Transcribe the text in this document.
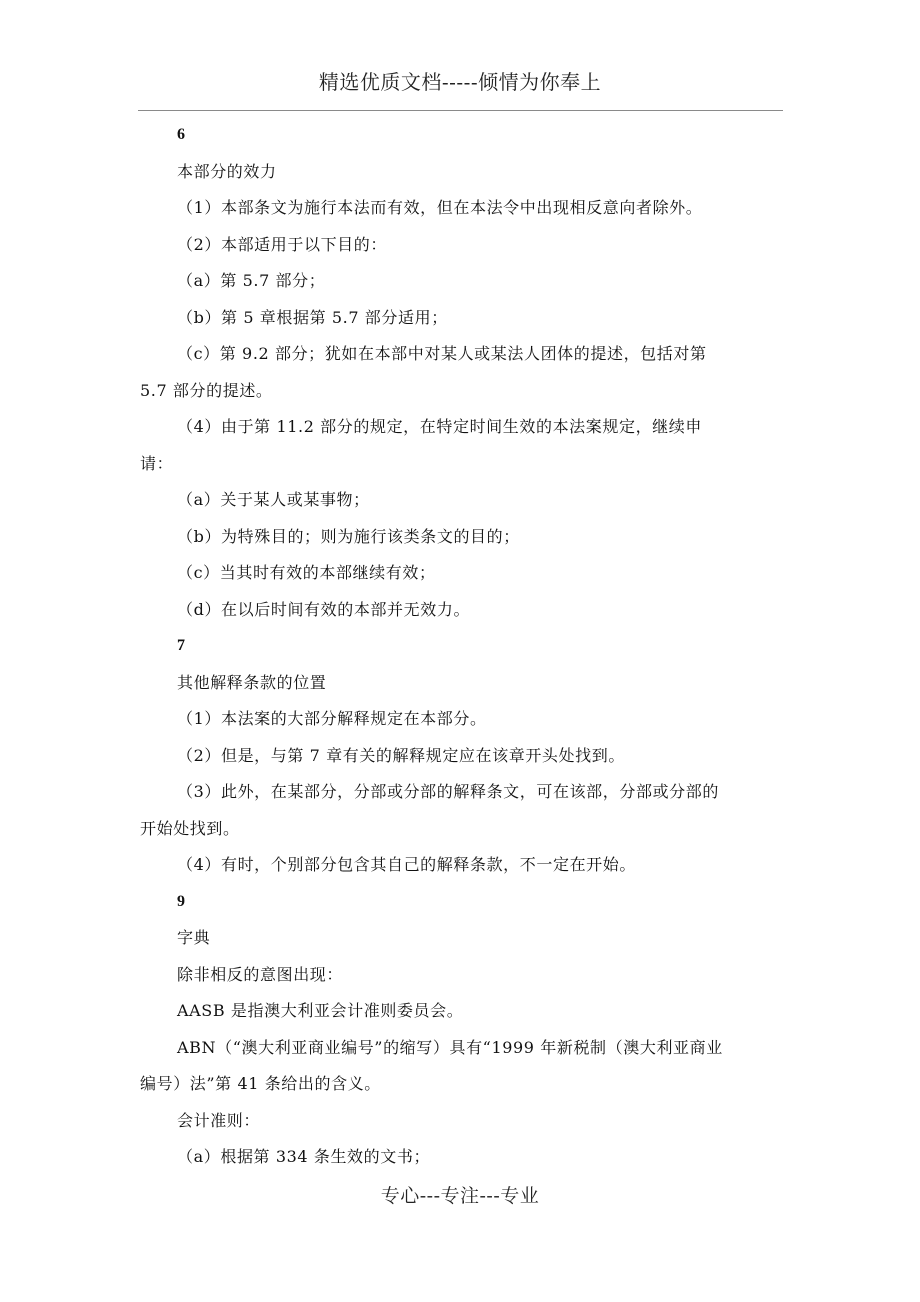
精选优质文档-----倾情为你奉上
6
本部分的效力
（1）本部条文为施行本法而有效，但在本法令中出现相反意向者除外。
（2）本部适用于以下目的：
（a）第 5.7 部分；
（b）第 5 章根据第 5.7 部分适用；
（c）第 9.2 部分；犹如在本部中对某人或某法人团体的提述，包括对第
5.7 部分的提述。
（4）由于第 11.2 部分的规定，在特定时间生效的本法案规定，继续申
请：
（a）关于某人或某事物；
（b）为特殊目的；则为施行该类条文的目的；
（c）当其时有效的本部继续有效；
（d）在以后时间有效的本部并无效力。
7
其他解释条款的位置
（1）本法案的大部分解释规定在本部分。
（2）但是，与第 7 章有关的解释规定应在该章开头处找到。
（3）此外，在某部分，分部或分部的解释条文，可在该部，分部或分部的
开始处找到。
（4）有时，个别部分包含其自己的解释条款，不一定在开始。
9
字典
除非相反的意图出现：
AASB 是指澳大利亚会计准则委员会。
ABN（“澳大利亚商业编号”的缩写）具有“1999 年新税制（澳大利亚商业
编号）法”第 41 条给出的含义。
会计准则：
（a）根据第 334 条生效的文书；
专心---专注---专业
